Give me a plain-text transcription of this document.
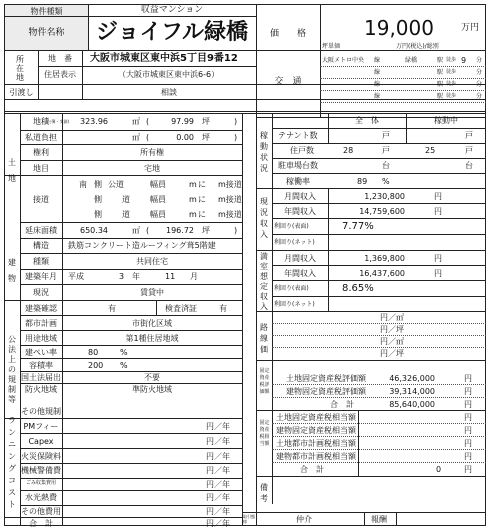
物件種類	収益マンション
物件名称	ジョイフル緑橋
所在地
地　番	大阪市城東区東中浜5丁目9番12
住居表示	（大阪市城東区東中浜6-6）
引渡し	相談
価　　格	19,000	万円
坪単価	万円(税込)/総別
交　通
大阪メトロ中央 線	緑橋	駅 徒歩 9 分
線	駅 徒歩	分
線	駅 徒歩	分
線	駅 徒歩	分
土地
地積
(公簿・実測)	323.96	㎡ (	97.99 坪	)
私道負担	㎡ (	0.00 坪	)
権利	所有権
地目	宅地
接道
南 側 公道	幅員	m に m接道
側	道	幅員	m に m接道
側	道	幅員	m に m接道
建物
延床面積	650.34	㎡ (	196.72 坪	)
構造	鉄筋コンクリート造ルーフィング葺5階建
種類	共同住宅
建築年月	平成	3 年	11 月
現況	賃貸中
建築確認	有	検査済証	有
公法上の規制等
都市計画	市街化区域
用途地域	第1種住居地域
建ぺい率	80	%
容積率	200 %
国土法届出	不要
防火地域	準防火地域
その他規制
ランニングコスト
PMフィー	円／年
Capex	円／年
火災保険料	円／年
機械警備費	円／年
ごみ収集費用	円／年
水光熱費	円／年
その他費用	円／年
合　計	円／年
稼動状況
全　体	稼動中
テナント数	戸	戸
住戸数	28	戸	25	戸
駐車場台数	台	台
稼働率	89 %
現況収入
月間収入	1,230,800	円
年間収入	14,759,600	円
利回り(表面)	7.77%
利回り(ネット)
満室想定収入
月間収入	1,369,800	円
年間収入	16,437,600	円
利回り(表面)	8.65%
利回り(ネット)
路線価
円／㎡
円／坪
円／㎡
円／坪
固定資産税評価額
土地固定資産税評価額	46,326,000	円
建物固定資産税評価額	39,314,000	円
合　計	85,640,000	円
固定資産税相当額
土地固定資産税相当額	円
建物固定資産税相当額	円
土地都市計画税相当額	円
建物都市計画税相当額	円
合　計	0	円
備考
取引態様	仲介	報酬
